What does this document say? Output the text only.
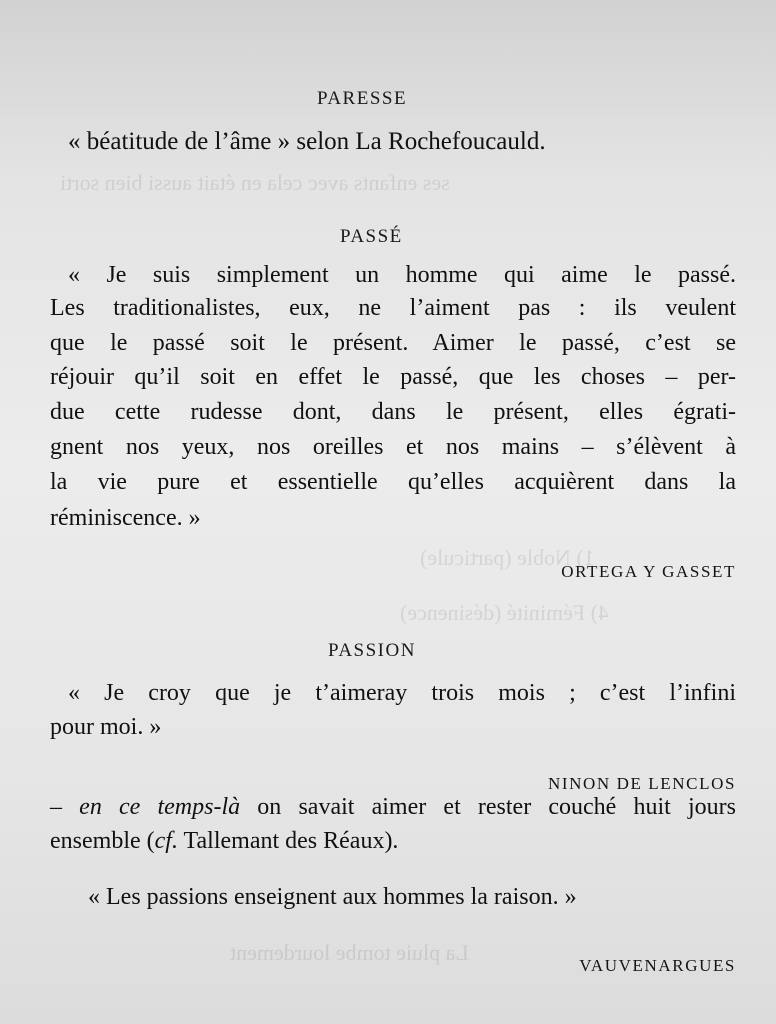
ses enfants avec cela en était aussi bien sorti
1) Noble (particule)
4) Féminité (désinence)
La pluie tombe lourdement
PARESSE
« béatitude de l’âme » selon La Rochefoucauld.
PASSÉ
« Je suis simplement un homme qui aime le passé.
Les traditionalistes, eux, ne l’aiment pas : ils veulent
que le passé soit le présent. Aimer le passé, c’est se
réjouir qu’il soit en effet le passé, que les choses – per-
due cette rudesse dont, dans le présent, elles égrati-
gnent nos yeux, nos oreilles et nos mains – s’élèvent à
la vie pure et essentielle qu’elles acquièrent dans la
réminiscence. »
ORTEGA Y GASSET
PASSION
« Je croy que je t’aimeray trois mois ; c’est l’infini
pour moi. »
NINON DE LENCLOS
– en ce temps-là on savait aimer et rester couché huit jours
ensemble (cf. Tallemant des Réaux).
« Les passions enseignent aux hommes la raison. »
VAUVENARGUES
